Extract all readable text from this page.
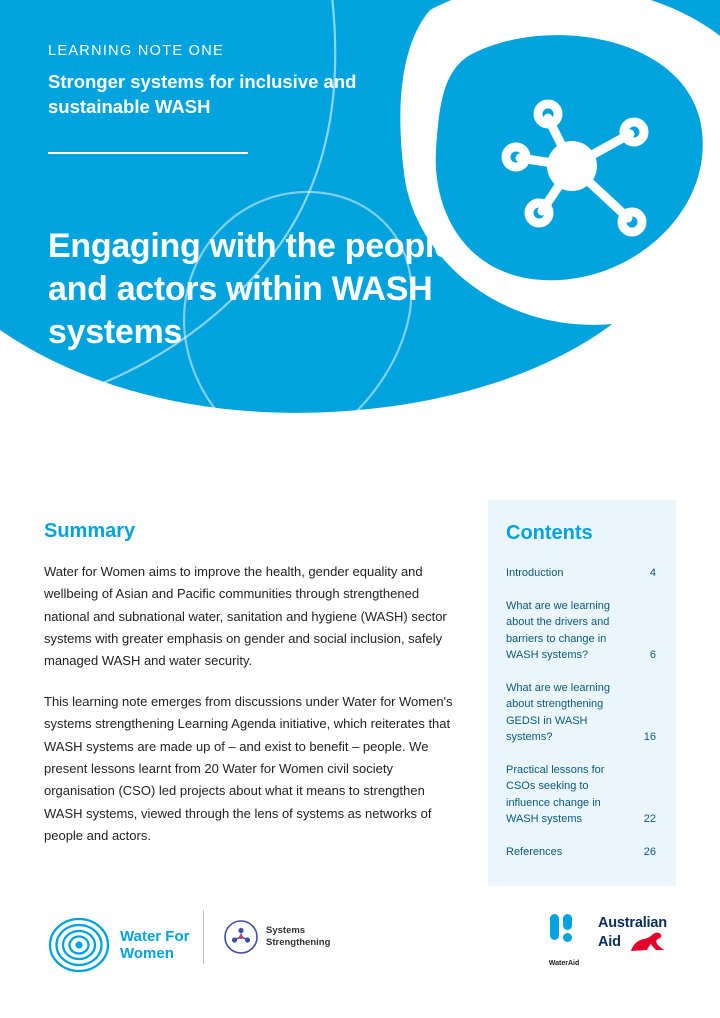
LEARNING NOTE ONE
Stronger systems for inclusive and sustainable WASH
Engaging with the people and actors within WASH systems
Summary

Water for Women aims to improve the health, gender equality and wellbeing of Asian and Pacific communities through strengthened national and subnational water, sanitation and hygiene (WASH) sector systems with greater emphasis on gender and social inclusion, safely managed WASH and water security.

This learning note emerges from discussions under Water for Women's systems strengthening Learning Agenda initiative, which reiterates that WASH systems are made up of – and exist to benefit – people. We present lessons learnt from 20 Water for Women civil society organisation (CSO) led projects about what it means to strengthen WASH systems, viewed through the lens of systems as networks of people and actors.

Contents
Introduction	4
What are we learning about the drivers and barriers to change in WASH systems?	6
What are we learning about strengthening GEDSI in WASH systems?	16
Practical lessons for CSOs seeking to influence change in WASH systems	22
References	26
Water For
Women
Systems
Strengthening
WaterAid
Australian
Aid
